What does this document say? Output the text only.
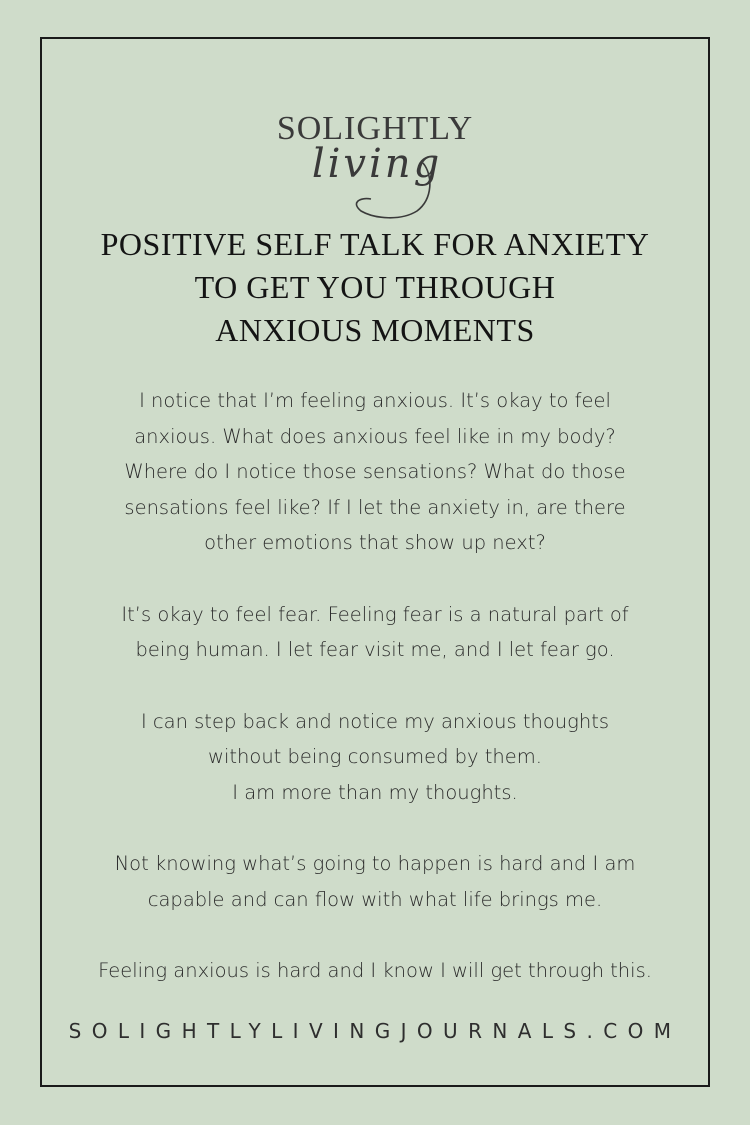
SOLIGHTLY
living
POSITIVE SELF TALK FOR ANXIETY
TO GET YOU THROUGH
ANXIOUS MOMENTS

I notice that I’m feeling anxious. It’s okay to feel
anxious. What does anxious feel like in my body?
Where do I notice those sensations? What do those
sensations feel like? If I let the anxiety in, are there
other emotions that show up next?

It’s okay to feel fear. Feeling fear is a natural part of
being human. I let fear visit me, and I let fear go.

I can step back and notice my anxious thoughts
without being consumed by them.
I am more than my thoughts.

Not knowing what’s going to happen is hard and I am
capable and can flow with what life brings me.

Feeling anxious is hard and I know I will get through this.

SOLIGHTLYLIVINGJOURNALS.COM
